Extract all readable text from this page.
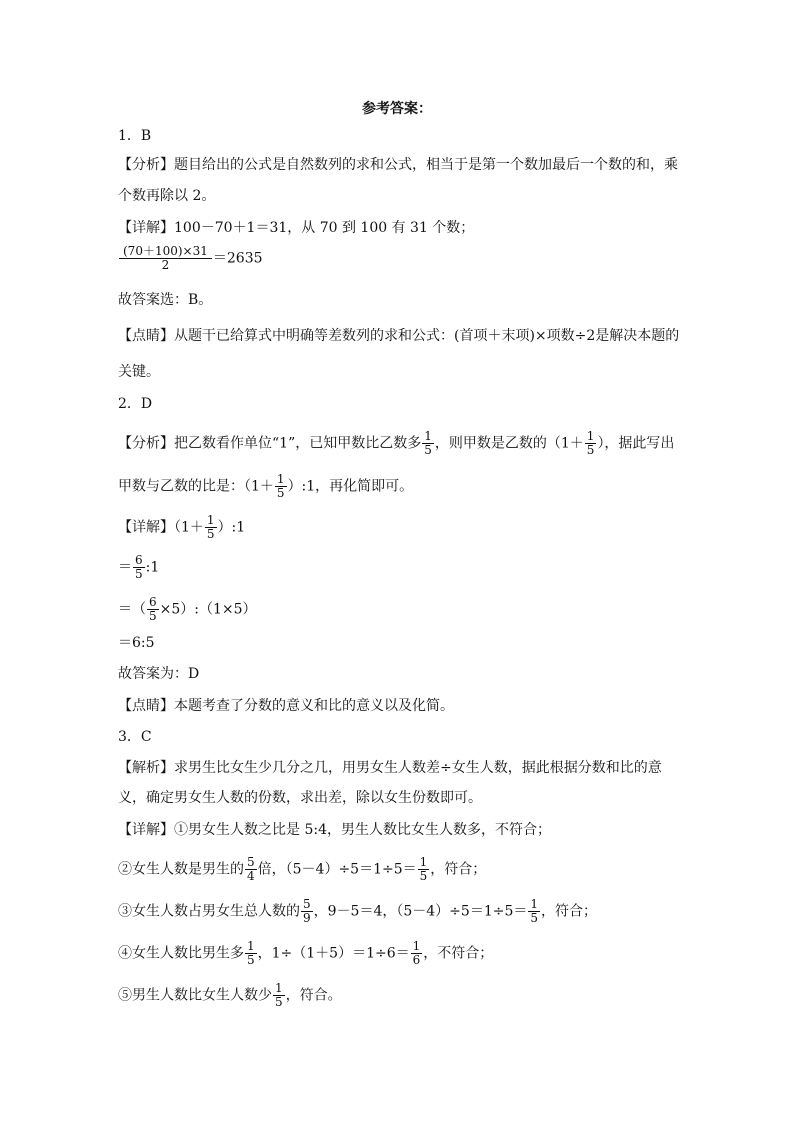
参考答案：
1．B
【分析】题目给出的公式是自然数列的求和公式，相当于是第一个数加最后一个数的和，乘
个数再除以 2。
【详解】100－70＋1＝31，从 70 到 100 有 31 个数；
$\frac{(70+100)\times 31}{2} =2635$
故答案选：B。
【点睛】从题干已给算式中明确等差数列的求和公式：(首项＋末项)×项数÷2是解决本题的
关键。
2．D
【分析】把乙数看作单位“1”，已知甲数比乙数多 $\frac{1}{5}$ ，则甲数是乙数的（$1+ \frac{1}{5}$ ），据此写出
甲数与乙数的比是：（$1+ \frac{1}{5}$ ）:1，再化简即可。
【详解】（$1+ \frac{1}{5}$ ）:1
＝ $\frac{6}{5}$ :1
＝（ $\frac{6}{5}$ ×5）:（1×5）
＝6:5
故答案为：D
【点睛】本题考查了分数的意义和比的意义以及化简。
3．C
【解析】求男生比女生少几分之几，用男女生人数差÷女生人数，据此根据分数和比的意
义，确定男女生人数的份数，求出差，除以女生份数即可。
【详解】①男女生人数之比是 5:4，男生人数比女生人数多，不符合；
②女生人数是男生的 $\frac{5}{4}$ 倍，$(5-4)\div 5=1\div 5= \frac{1}{5}$ ，符合；
③女生人数占男女生总人数的 $\frac{5}{9}$ ，9－5＝4，$(5-4)\div 5=1\div 5= \frac{1}{5}$ ，符合；
④女生人数比男生多 $\frac{1}{5}$ ，$1\div(1+5)=1\div 6= \frac{1}{6}$ ，不符合；
⑤男生人数比女生人数少 $\frac{1}{5}$ ，符合。
